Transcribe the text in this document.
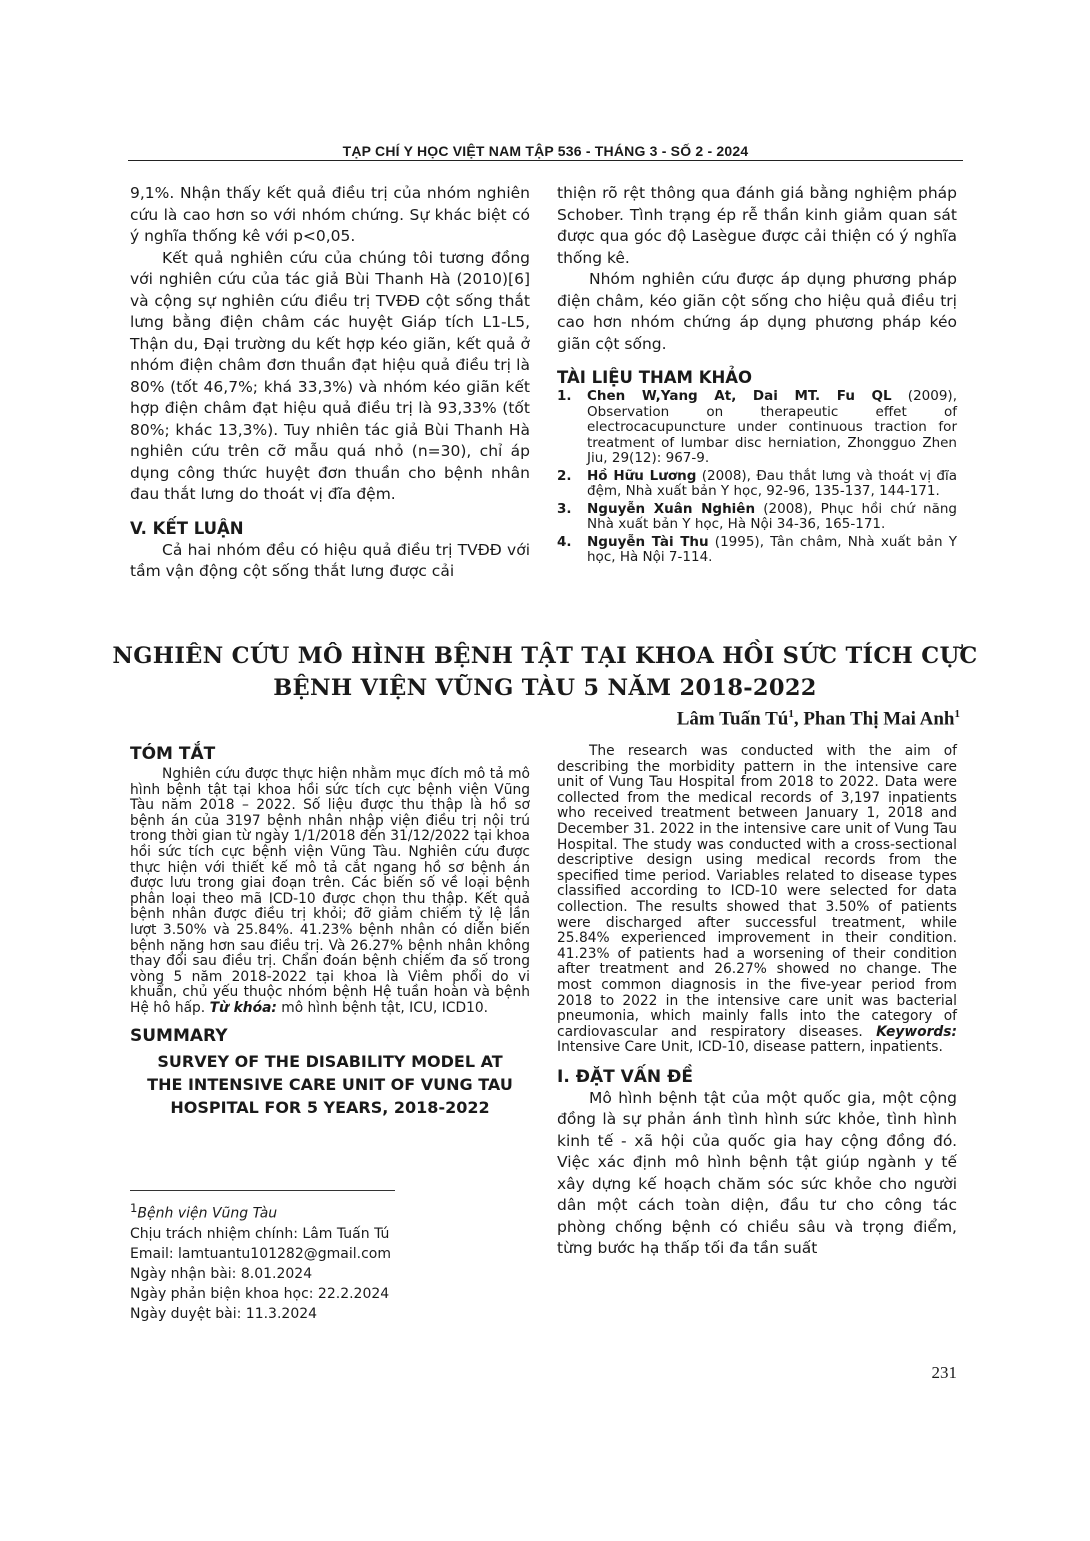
TẠP CHÍ Y HỌC VIỆT NAM TẬP 536 - THÁNG 3 - SỐ 2 - 2024

9,1%. Nhận thấy kết quả điều trị của nhóm nghiên cứu là cao hơn so với nhóm chứng. Sự khác biệt có ý nghĩa thống kê với p<0,05.

Kết quả nghiên cứu của chúng tôi tương đồng với nghiên cứu của tác giả Bùi Thanh Hà (2010)[6] và cộng sự nghiên cứu điều trị TVĐĐ cột sống thắt lưng bằng điện châm các huyệt Giáp tích L1-L5, Thận du, Đại trường du kết hợp kéo giãn, kết quả ở nhóm điện châm đơn thuần đạt hiệu quả điều trị là 80% (tốt 46,7%; khá 33,3%) và nhóm kéo giãn kết hợp điện châm đạt hiệu quả điều trị là 93,33% (tốt 80%; khác 13,3%). Tuy nhiên tác giả Bùi Thanh Hà nghiên cứu trên cỡ mẫu quá nhỏ (n=30), chỉ áp dụng công thức huyệt đơn thuần cho bệnh nhân đau thắt lưng do thoát vị đĩa đệm.

V. KẾT LUẬN

Cả hai nhóm đều có hiệu quả điều trị TVĐĐ với tầm vận động cột sống thắt lưng được cải

thiện rõ rệt thông qua đánh giá bằng nghiệm pháp Schober. Tình trạng ép rễ thần kinh giảm quan sát được qua góc độ Lasègue được cải thiện có ý nghĩa thống kê.

Nhóm nghiên cứu được áp dụng phương pháp điện châm, kéo giãn cột sống cho hiệu quả điều trị cao hơn nhóm chứng áp dụng phương pháp kéo giãn cột sống.

TÀI LIỆU THAM KHẢO
1.	Chen W,Yang At, Dai MT. Fu QL (2009), Observation on therapeutic effet of electrocacupuncture under continuous traction for treatment of lumbar disc herniation, Zhongguo Zhen Jiu, 29(12): 967-9.
2.	Hồ Hữu Lương (2008), Đau thắt lưng và thoát vị đĩa đệm, Nhà xuất bản Y học, 92-96, 135-137, 144-171.
3.	Nguyễn Xuân Nghiên (2008), Phục hồi chứ năng Nhà xuất bản Y học, Hà Nội 34-36, 165-171.
4.	Nguyễn Tài Thu (1995), Tân châm, Nhà xuất bản Y học, Hà Nội 7-114.
NGHIÊN CỨU MÔ HÌNH BỆNH TẬT TẠI KHOA HỒI SỨC TÍCH CỰC
BỆNH VIỆN VŨNG TÀU 5 NĂM 2018-2022
Lâm Tuấn $Tú^1$, Phan Thị Mai Anh$^1$
TÓM TẮT

Nghiên cứu được thực hiện nhằm mục đích mô tả mô hình bệnh tật tại khoa hồi sức tích cực bệnh viện Vũng Tàu năm 2018 – 2022. Số liệu được thu thập là hồ sơ bệnh án của 3197 bệnh nhân nhập viện điều trị nội trú trong thời gian từ ngày 1/1/2018 đến 31/12/2022 tại khoa hồi sức tích cực bệnh viện Vũng Tàu. Nghiên cứu được thực hiện với thiết kế mô tả cắt ngang hồ sơ bệnh án được lưu trong giai đoạn trên. Các biến số về loại bệnh phân loại theo mã ICD-10 được chọn thu thập. Kết quả bệnh nhân được điều trị khỏi; đỡ giảm chiếm tỷ lệ lần lượt 3.50% và 25.84%. 41.23% bệnh nhân có diễn biến bệnh nặng hơn sau điều trị. Và 26.27% bệnh nhân không thay đổi sau điều trị. Chẩn đoán bệnh chiếm đa số trong vòng 5 năm 2018-2022 tại khoa là Viêm phổi do vi khuẩn, chủ yếu thuộc nhóm bệnh Hệ tuần hoàn và bệnh Hệ hô hấp. Từ khóa: mô hình bệnh tật, ICU, ICD10.

SUMMARY
SURVEY OF THE DISABILITY MODEL AT
THE INTENSIVE CARE UNIT OF VUNG TAU
HOSPITAL FOR 5 YEARS, 2018-2022
$^1$Bệnh viện Vũng Tàu
Chịu trách nhiệm chính: Lâm Tuấn Tú
Email: lamtuantu101282@gmail.com
Ngày nhận bài: 8.01.2024
Ngày phản biện khoa học: 22.2.2024
Ngày duyệt bài: 11.3.2024

The research was conducted with the aim of describing the morbidity pattern in the intensive care unit of Vung Tau Hospital from 2018 to 2022. Data were collected from the medical records of 3,197 inpatients who received treatment between January 1, 2018 and December 31. 2022 in the intensive care unit of Vung Tau Hospital. The study was conducted with a cross-sectional descriptive design using medical records from the specified time period. Variables related to disease types classified according to ICD-10 were selected for data collection. The results showed that 3.50% of patients were discharged after successful treatment, while 25.84% experienced improvement in their condition. 41.23% of patients had a worsening of their condition after treatment and 26.27% showed no change. The most common diagnosis in the five-year period from 2018 to 2022 in the intensive care unit was bacterial pneumonia, which mainly falls into the category of cardiovascular and respiratory diseases. Keywords: Intensive Care Unit, ICD-10, disease pattern, inpatients.

I. ĐẶT VẤN ĐỀ

Mô hình bệnh tật của một quốc gia, một cộng đồng là sự phản ánh tình hình sức khỏe, tình hình kinh tế - xã hội của quốc gia hay cộng đồng đó. Việc xác định mô hình bệnh tật giúp ngành y tế xây dựng kế hoạch chăm sóc sức khỏe cho người dân một cách toàn diện, đầu tư cho công tác phòng chống bệnh có chiều sâu và trọng điểm, từng bước hạ thấp tối đa tần suất

231
